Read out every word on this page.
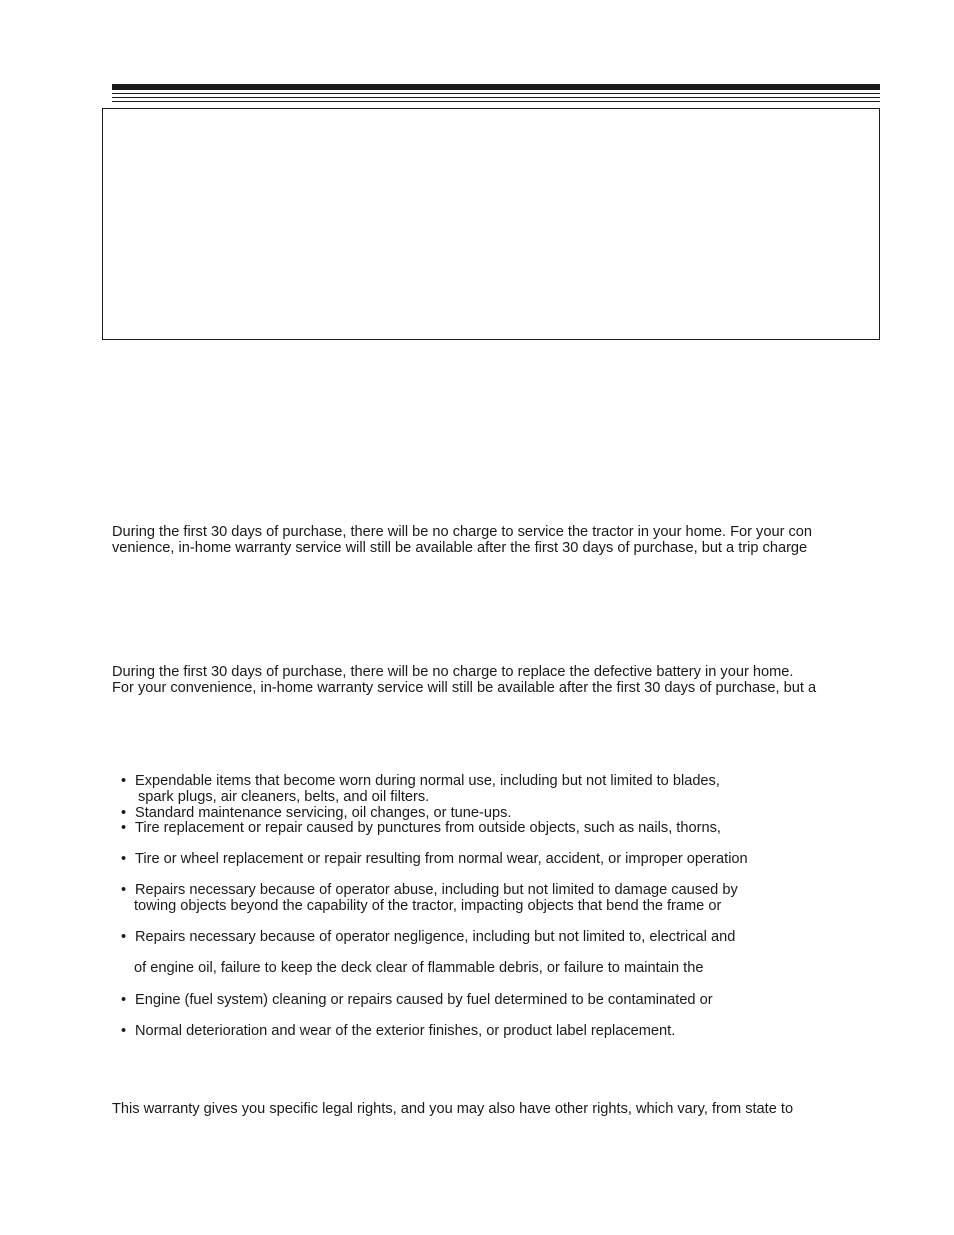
During the first 30 days of purchase, there will be no charge to service the tractor in your home. For your con
venience, in-home warranty service will still be available after the first 30 days of purchase, but a trip charge
During the first 30 days of purchase, there will be no charge to replace the defective battery in your home.
For your convenience, in-home warranty service will still be available after the first 30 days of purchase, but a
• Expendable items that become worn during normal use, including but not limited to blades,
spark plugs, air cleaners, belts, and oil filters.
• Standard maintenance servicing, oil changes, or tune-ups.
• Tire replacement or repair caused by punctures from outside objects, such as nails, thorns,
• Tire or wheel replacement or repair resulting from normal wear, accident, or improper operation
• Repairs necessary because of operator abuse, including but not limited to damage caused by
towing objects beyond the capability of the tractor, impacting objects that bend the frame or
• Repairs necessary because of operator negligence, including but not limited to, electrical and
of engine oil, failure to keep the deck clear of flammable debris, or failure to maintain the
• Engine (fuel system) cleaning or repairs caused by fuel determined to be contaminated or
• Normal deterioration and wear of the exterior finishes, or product label replacement.
This warranty gives you specific legal rights, and you may also have other rights, which vary, from state to
